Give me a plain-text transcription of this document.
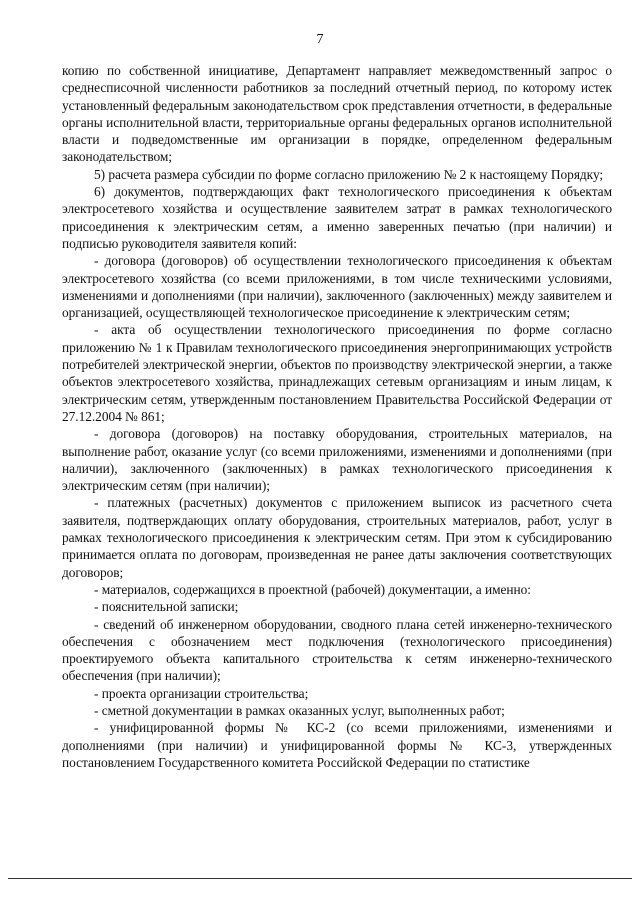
7

копию по собственной инициативе, Департамент направляет межведомственный запрос о среднесписочной численности работников за последний отчетный период, по которому истек установленный федеральным законодательством срок представления отчетности, в федеральные органы исполнительной власти, территориальные органы федеральных органов исполнительной власти и подведомственные им организации в порядке, определенном федеральным законодательством;

5) расчета размера субсидии по форме согласно приложению № 2 к настоящему Порядку;

6) документов, подтверждающих факт технологического присоединения к объектам электросетевого хозяйства и осуществление заявителем затрат в рамках технологического присоединения к электрическим сетям, а именно заверенных печатью (при наличии) и подписью руководителя заявителя копий:

- договора (договоров) об осуществлении технологического присоединения к объектам электросетевого хозяйства (со всеми приложениями, в том числе техническими условиями, изменениями и дополнениями (при наличии), заключенного (заключенных) между заявителем и организацией, осуществляющей технологическое присоединение к электрическим сетям;

- акта об осуществлении технологического присоединения по форме согласно приложению № 1 к Правилам технологического присоединения энергопринимающих устройств потребителей электрической энергии, объектов по производству электрической энергии, а также объектов электросетевого хозяйства, принадлежащих сетевым организациям и иным лицам, к электрическим сетям, утвержденным постановлением Правительства Российской Федерации от 27.12.2004 № 861;

- договора (договоров) на поставку оборудования, строительных материалов, на выполнение работ, оказание услуг (со всеми приложениями, изменениями и дополнениями (при наличии), заключенного (заключенных) в рамках технологического присоединения к электрическим сетям (при наличии);

- платежных (расчетных) документов с приложением выписок из расчетного счета заявителя, подтверждающих оплату оборудования, строительных материалов, работ, услуг в рамках технологического присоединения к электрическим сетям. При этом к субсидированию принимается оплата по договорам, произведенная не ранее даты заключения соответствующих договоров;

- материалов, содержащихся в проектной (рабочей) документации, а именно:

- пояснительной записки;

- сведений об инженерном оборудовании, сводного плана сетей инженерно-технического обеспечения с обозначением мест подключения (технологического присоединения) проектируемого объекта капитального строительства к сетям инженерно-технического обеспечения (при наличии);

- проекта организации строительства;

- сметной документации в рамках оказанных услуг, выполненных работ;

- унифицированной формы № КС-2 (со всеми приложениями, изменениями и дополнениями (при наличии) и унифицированной формы № КС-3, утвержденных постановлением Государственного комитета Российской Федерации по статистике
